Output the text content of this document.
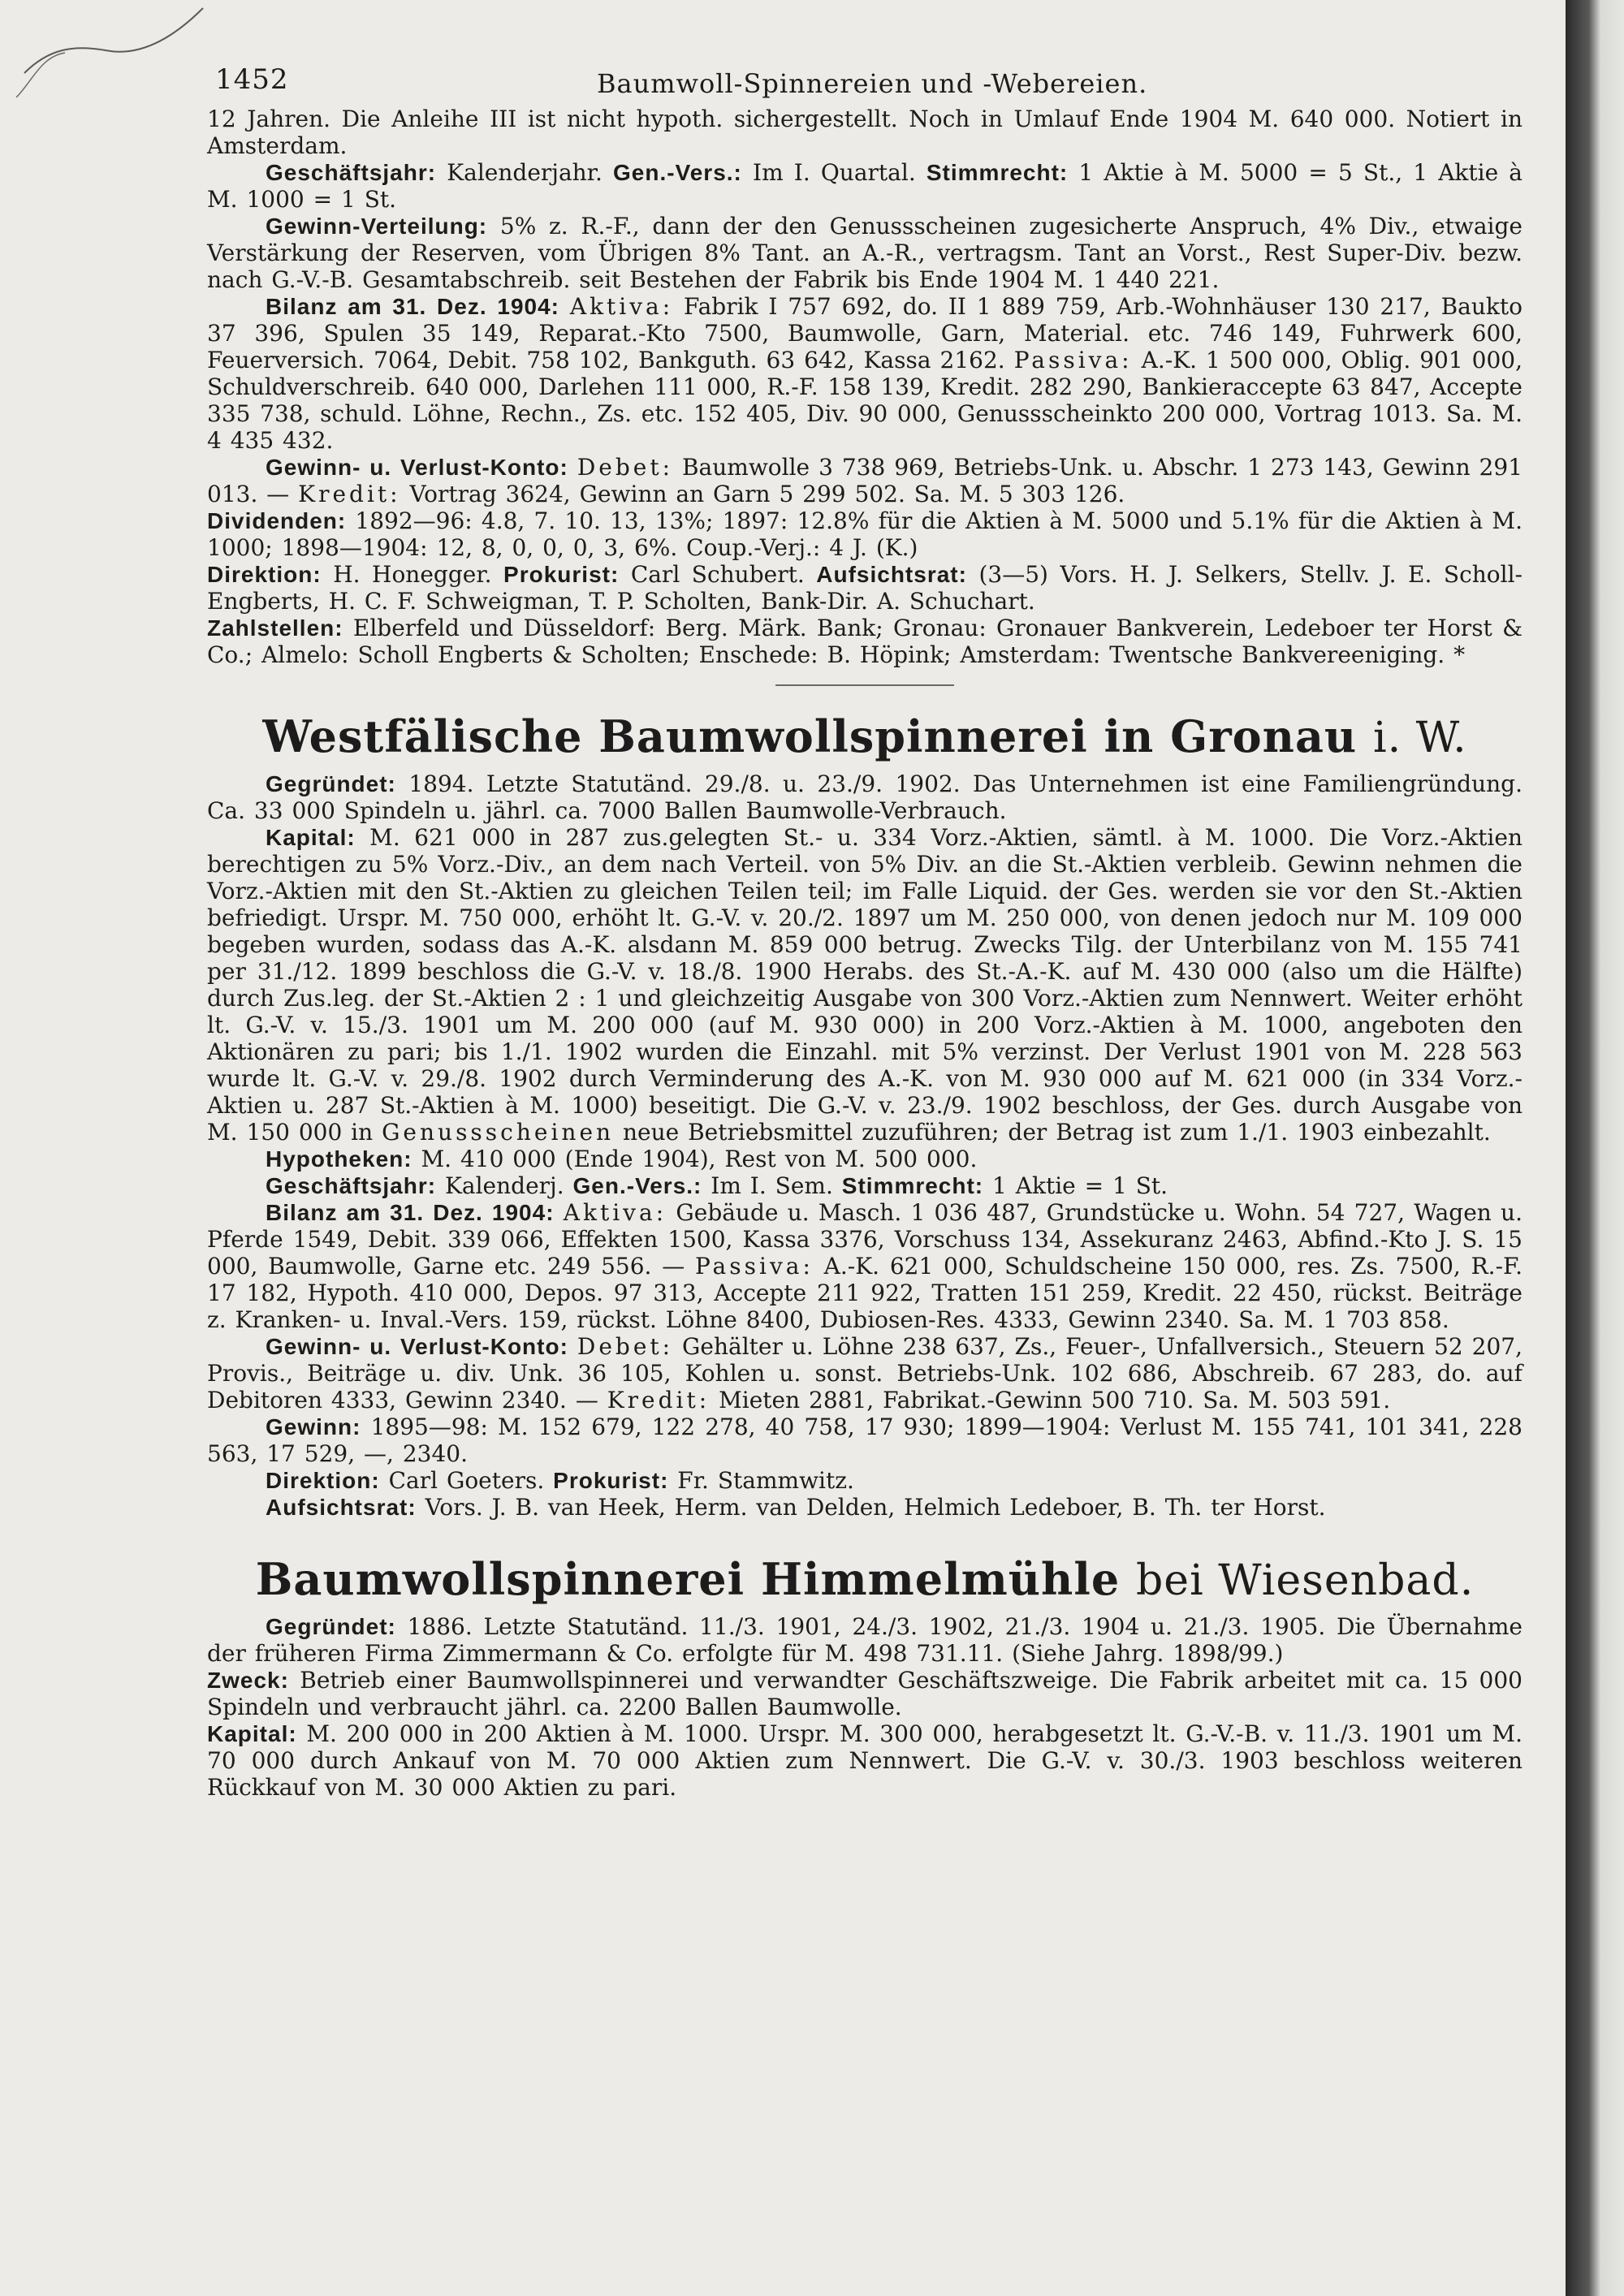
1452	Baumwoll-Spinnereien und -Webereien.

12 Jahren. Die Anleihe III ist nicht hypoth. sichergestellt. Noch in Umlauf Ende 1904 M. 640 000. Notiert in Amsterdam.

Geschäftsjahr: Kalenderjahr. Gen.-Vers.: Im I. Quartal. Stimmrecht: 1 Aktie à M. 5000 = 5 St., 1 Aktie à M. 1000 = 1 St.

Gewinn-Verteilung: 5% z. R.-F., dann der den Genussscheinen zugesicherte Anspruch, 4% Div., etwaige Verstärkung der Reserven, vom Übrigen 8% Tant. an A.-R., vertragsm. Tant an Vorst., Rest Super-Div. bezw. nach G.-V.-B. Gesamtabschreib. seit Bestehen der Fabrik bis Ende 1904 M. 1 440 221.

Bilanz am 31. Dez. 1904: Aktiva: Fabrik I 757 692, do. II 1 889 759, Arb.-Wohnhäuser 130 217, Baukto 37 396, Spulen 35 149, Reparat.-Kto 7500, Baumwolle, Garn, Material. etc. 746 149, Fuhrwerk 600, Feuerversich. 7064, Debit. 758 102, Bankguth. 63 642, Kassa 2162. Passiva: A.-K. 1 500 000, Oblig. 901 000, Schuldverschreib. 640 000, Darlehen 111 000, R.-F. 158 139, Kredit. 282 290, Bankieraccepte 63 847, Accepte 335 738, schuld. Löhne, Rechn., Zs. etc. 152 405, Div. 90 000, Genussscheinkto 200 000, Vortrag 1013. Sa. M. 4 435 432.

Gewinn- u. Verlust-Konto: Debet: Baumwolle 3 738 969, Betriebs-Unk. u. Abschr. 1 273 143, Gewinn 291 013. — Kredit: Vortrag 3624, Gewinn an Garn 5 299 502. Sa. M. 5 303 126.

Dividenden: 1892—96: 4.8, 7. 10. 13, 13%; 1897: 12.8% für die Aktien à M. 5000 und 5.1% für die Aktien à M. 1000; 1898—1904: 12, 8, 0, 0, 0, 3, 6%. Coup.-Verj.: 4 J. (K.)

Direktion: H. Honegger. Prokurist: Carl Schubert. Aufsichtsrat: (3—5) Vors. H. J. Selkers, Stellv. J. E. Scholl-Engberts, H. C. F. Schweigman, T. P. Scholten, Bank-Dir. A. Schuchart.

Zahlstellen: Elberfeld und Düsseldorf: Berg. Märk. Bank; Gronau: Gronauer Bankverein, Ledeboer ter Horst & Co.; Almelo: Scholl Engberts & Scholten; Enschede: B. Höpink; Amsterdam: Twentsche Bankvereeniging. *

Westfälische Baumwollspinnerei in Gronau i. W.

Gegründet: 1894. Letzte Statutänd. 29./8. u. 23./9. 1902. Das Unternehmen ist eine Familiengründung. Ca. 33 000 Spindeln u. jährl. ca. 7000 Ballen Baumwolle-Verbrauch.

Kapital: M. 621 000 in 287 zus.gelegten St.- u. 334 Vorz.-Aktien, sämtl. à M. 1000. Die Vorz.-Aktien berechtigen zu 5% Vorz.-Div., an dem nach Verteil. von 5% Div. an die St.-Aktien verbleib. Gewinn nehmen die Vorz.-Aktien mit den St.-Aktien zu gleichen Teilen teil; im Falle Liquid. der Ges. werden sie vor den St.-Aktien befriedigt. Urspr. M. 750 000, erhöht lt. G.-V. v. 20./2. 1897 um M. 250 000, von denen jedoch nur M. 109 000 begeben wurden, sodass das A.-K. alsdann M. 859 000 betrug. Zwecks Tilg. der Unterbilanz von M. 155 741 per 31./12. 1899 beschloss die G.-V. v. 18./8. 1900 Herabs. des St.-A.-K. auf M. 430 000 (also um die Hälfte) durch Zus.leg. der St.-Aktien 2 : 1 und gleichzeitig Ausgabe von 300 Vorz.-Aktien zum Nennwert. Weiter erhöht lt. G.-V. v. 15./3. 1901 um M. 200 000 (auf M. 930 000) in 200 Vorz.-Aktien à M. 1000, angeboten den Aktionären zu pari; bis 1./1. 1902 wurden die Einzahl. mit 5% verzinst. Der Verlust 1901 von M. 228 563 wurde lt. G.-V. v. 29./8. 1902 durch Verminderung des A.-K. von M. 930 000 auf M. 621 000 (in 334 Vorz.-Aktien u. 287 St.-Aktien à M. 1000) beseitigt. Die G.-V. v. 23./9. 1902 beschloss, der Ges. durch Ausgabe von M. 150 000 in Genussscheinen neue Betriebsmittel zuzuführen; der Betrag ist zum 1./1. 1903 einbezahlt.

Hypotheken: M. 410 000 (Ende 1904), Rest von M. 500 000.

Geschäftsjahr: Kalenderj. Gen.-Vers.: Im I. Sem. Stimmrecht: 1 Aktie = 1 St.

Bilanz am 31. Dez. 1904: Aktiva: Gebäude u. Masch. 1 036 487, Grundstücke u. Wohn. 54 727, Wagen u. Pferde 1549, Debit. 339 066, Effekten 1500, Kassa 3376, Vorschuss 134, Assekuranz 2463, Abfind.-Kto J. S. 15 000, Baumwolle, Garne etc. 249 556. — Passiva: A.-K. 621 000, Schuldscheine 150 000, res. Zs. 7500, R.-F. 17 182, Hypoth. 410 000, Depos. 97 313, Accepte 211 922, Tratten 151 259, Kredit. 22 450, rückst. Beiträge z. Kranken- u. Inval.-Vers. 159, rückst. Löhne 8400, Dubiosen-Res. 4333, Gewinn 2340. Sa. M. 1 703 858.

Gewinn- u. Verlust-Konto: Debet: Gehälter u. Löhne 238 637, Zs., Feuer-, Unfallversich., Steuern 52 207, Provis., Beiträge u. div. Unk. 36 105, Kohlen u. sonst. Betriebs-Unk. 102 686, Abschreib. 67 283, do. auf Debitoren 4333, Gewinn 2340. — Kredit: Mieten 2881, Fabrikat.-Gewinn 500 710. Sa. M. 503 591.

Gewinn: 1895—98: M. 152 679, 122 278, 40 758, 17 930; 1899—1904: Verlust M. 155 741, 101 341, 228 563, 17 529, —, 2340.

Direktion: Carl Goeters. Prokurist: Fr. Stammwitz.

Aufsichtsrat: Vors. J. B. van Heek, Herm. van Delden, Helmich Ledeboer, B. Th. ter Horst.

Baumwollspinnerei Himmelmühle bei Wiesenbad.

Gegründet: 1886. Letzte Statutänd. 11./3. 1901, 24./3. 1902, 21./3. 1904 u. 21./3. 1905. Die Übernahme der früheren Firma Zimmermann & Co. erfolgte für M. 498 731.11. (Siehe Jahrg. 1898/99.)

Zweck: Betrieb einer Baumwollspinnerei und verwandter Geschäftszweige. Die Fabrik arbeitet mit ca. 15 000 Spindeln und verbraucht jährl. ca. 2200 Ballen Baumwolle.

Kapital: M. 200 000 in 200 Aktien à M. 1000. Urspr. M. 300 000, herabgesetzt lt. G.-V.-B. v. 11./3. 1901 um M. 70 000 durch Ankauf von M. 70 000 Aktien zum Nennwert. Die G.-V. v. 30./3. 1903 beschloss weiteren Rückkauf von M. 30 000 Aktien zu pari.
